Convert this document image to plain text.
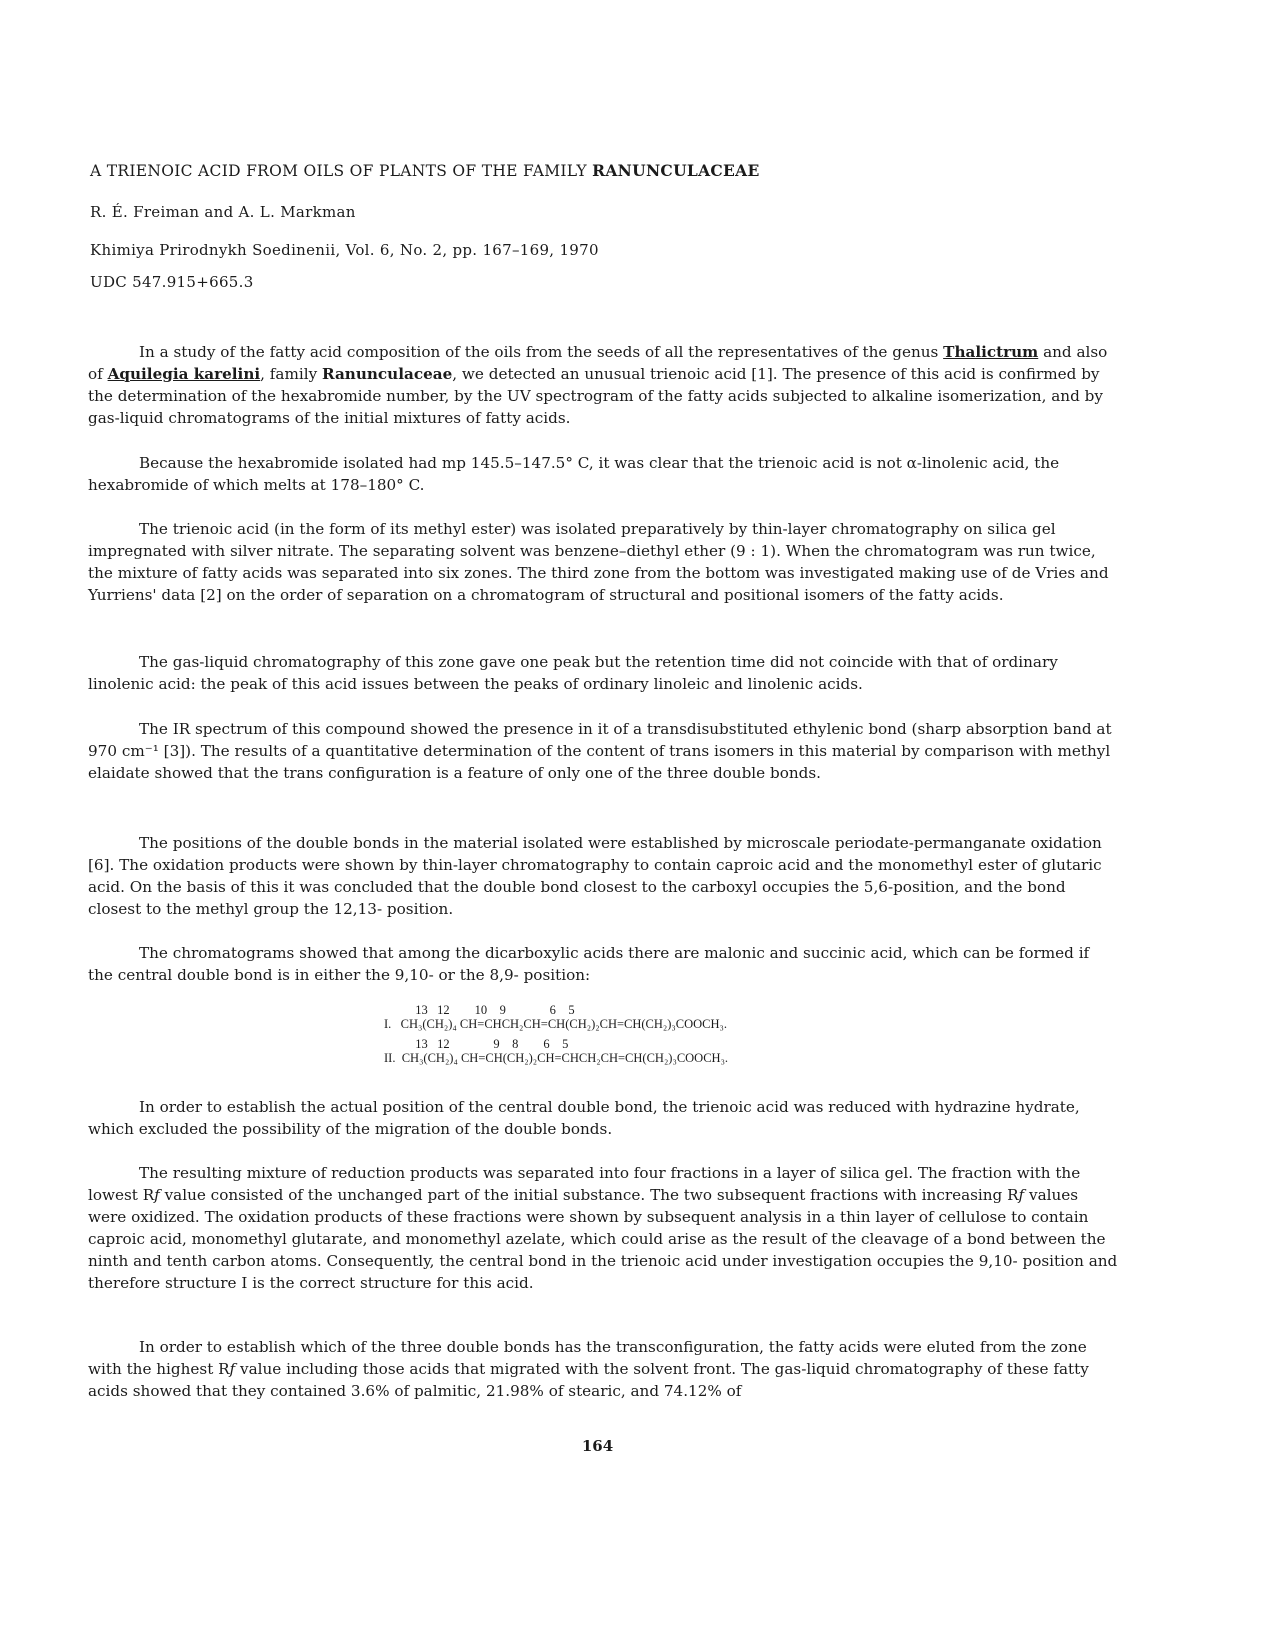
A TRIENOIC ACID FROM OILS OF PLANTS OF THE FAMILY RANUNCULACEAE
R. É. Freiman and A. L. Markman
Khimiya Prirodnykh Soedinenii, Vol. 6, No. 2, pp. 167–169, 1970
UDC 547.915+665.3

In a study of the fatty acid composition of the oils from the seeds of all the representatives of the genus Thalictrum and also of Aquilegia karelini, family Ranunculaceae, we detected an unusual trienoic acid [1]. The presence of this acid is confirmed by the determination of the hexabromide number, by the UV spectrogram of the fatty acids subjected to alkaline isomerization, and by gas-liquid chromatograms of the initial mixtures of fatty acids.

Because the hexabromide isolated had mp 145.5–147.5° C, it was clear that the trienoic acid is not α-linolenic acid, the hexabromide of which melts at 178–180° C.

The trienoic acid (in the form of its methyl ester) was isolated preparatively by thin-layer chromatography on silica gel impregnated with silver nitrate. The separating solvent was benzene–diethyl ether (9 : 1). When the chromatogram was run twice, the mixture of fatty acids was separated into six zones. The third zone from the bottom was investigated making use of de Vries and Yurriens' data [2] on the order of separation on a chromatogram of structural and positional isomers of the fatty acids.

The gas-liquid chromatography of this zone gave one peak but the retention time did not coincide with that of ordinary linolenic acid: the peak of this acid issues between the peaks of ordinary linoleic and linolenic acids.

The IR spectrum of this compound showed the presence in it of a transdisubstituted ethylenic bond (sharp absorption band at 970 cm⁻¹ [3]). The results of a quantitative determination of the content of trans isomers in this material by comparison with methyl elaidate showed that the trans configuration is a feature of only one of the three double bonds.

The positions of the double bonds in the material isolated were established by microscale periodate-permanganate oxidation [6]. The oxidation products were shown by thin-layer chromatography to contain caproic acid and the monomethyl ester of glutaric acid. On the basis of this it was concluded that the double bond closest to the carboxyl occupies the 5,6-position, and the bond closest to the methyl group the 12,13- position.

The chromatograms showed that among the dicarboxylic acids there are malonic and succinic acid, which can be formed if the central double bond is in either the 9,10- or the 8,9- position:

13   12        10    9              6    5
I.   CH₃(CH₂)₄ CH=CHCH₂CH=CH(CH₂)₂CH=CH(CH₂)₃COOCH₃.
13   12              9    8        6    5
II.  CH₃(CH₂)₄ CH=CH(CH₂)₂CH=CHCH₂CH=CH(CH₂)₃COOCH₃.

In order to establish the actual position of the central double bond, the trienoic acid was reduced with hydrazine hydrate, which excluded the possibility of the migration of the double bonds.

The resulting mixture of reduction products was separated into four fractions in a layer of silica gel. The fraction with the lowest R𝑓 value consisted of the unchanged part of the initial substance. The two subsequent fractions with increasing R𝑓 values were oxidized. The oxidation products of these fractions were shown by subsequent analysis in a thin layer of cellulose to contain caproic acid, monomethyl glutarate, and monomethyl azelate, which could arise as the result of the cleavage of a bond between the ninth and tenth carbon atoms. Consequently, the central bond in the trienoic acid under investigation occupies the 9,10- position and therefore structure I is the correct structure for this acid.

In order to establish which of the three double bonds has the transconfiguration, the fatty acids were eluted from the zone with the highest R𝑓 value including those acids that migrated with the solvent front. The gas-liquid chromatography of these fatty acids showed that they contained 3.6% of palmitic, 21.98% of stearic, and 74.12% of

164
